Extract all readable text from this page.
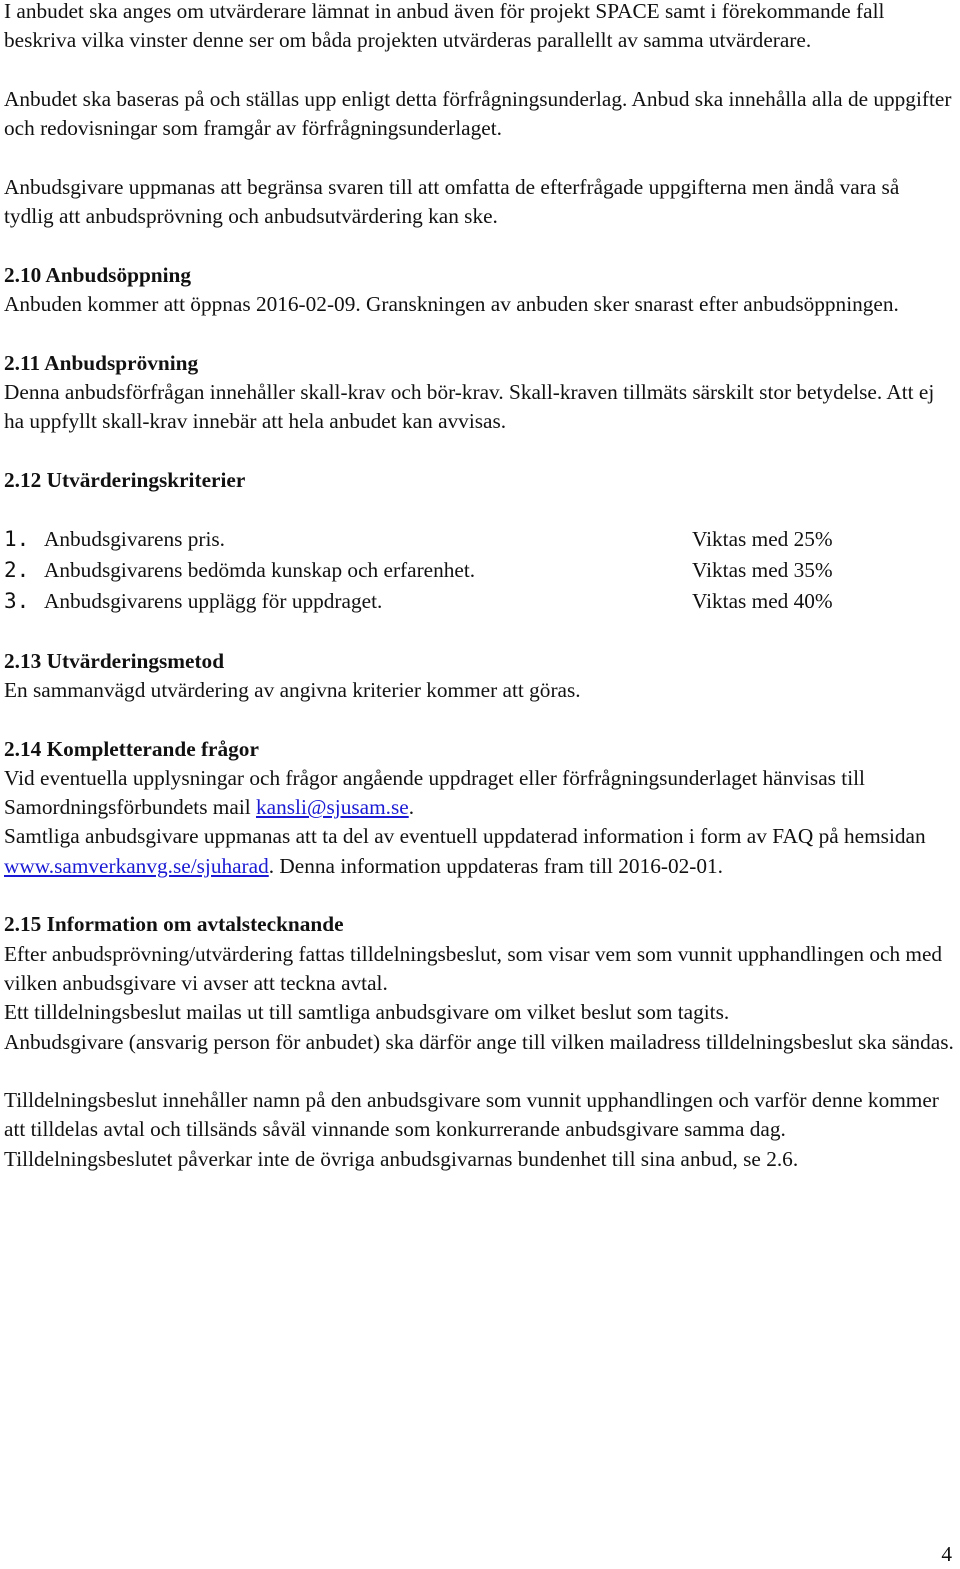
I anbudet ska anges om utvärderare lämnat in anbud även för projekt SPACE samt i förekommande fall beskriva vilka vinster denne ser om båda projekten utvärderas parallellt av samma utvärderare.

Anbudet ska baseras på och ställas upp enligt detta förfrågningsunderlag. Anbud ska innehålla alla de uppgifter och redovisningar som framgår av förfrågningsunderlaget.

Anbudsgivare uppmanas att begränsa svaren till att omfatta de efterfrågade uppgifterna men ändå vara så tydlig att anbudsprövning och anbudsutvärdering kan ske.

2.10 Anbudsöppning

Anbuden kommer att öppnas 2016-02-09. Granskningen av anbuden sker snarast efter anbudsöppningen.

2.11 Anbudsprövning

Denna anbudsförfrågan innehåller skall-krav och bör-krav. Skall-kraven tillmäts särskilt stor betydelse. Att ej ha uppfyllt skall-krav innebär att hela anbudet kan avvisas.

2.12 Utvärderingskriterier

1. Anbudsgivarens pris.	Viktas med 25%
2. Anbudsgivarens bedömda kunskap och erfarenhet.	Viktas med 35%
3. Anbudsgivarens upplägg för uppdraget.	Viktas med 40%

2.13 Utvärderingsmetod

En sammanvägd utvärdering av angivna kriterier kommer att göras.

2.14 Kompletterande frågor

Vid eventuella upplysningar och frågor angående uppdraget eller förfrågningsunderlaget hänvisas till Samordningsförbundets mail kansli@sjusam.se.

Samtliga anbudsgivare uppmanas att ta del av eventuell uppdaterad information i form av FAQ på hemsidan www.samverkanvg.se/sjuharad. Denna information uppdateras fram till 2016-02-01.

2.15 Information om avtalstecknande

Efter anbudsprövning/utvärdering fattas tilldelningsbeslut, som visar vem som vunnit upphandlingen och med vilken anbudsgivare vi avser att teckna avtal.

Ett tilldelningsbeslut mailas ut till samtliga anbudsgivare om vilket beslut som tagits.

Anbudsgivare (ansvarig person för anbudet) ska därför ange till vilken mailadress tilldelningsbeslut ska sändas.

Tilldelningsbeslut innehåller namn på den anbudsgivare som vunnit upphandlingen och varför denne kommer att tilldelas avtal och tillsänds såväl vinnande som konkurrerande anbudsgivare samma dag. Tilldelningsbeslutet påverkar inte de övriga anbudsgivarnas bundenhet till sina anbud, se 2.6.

4
